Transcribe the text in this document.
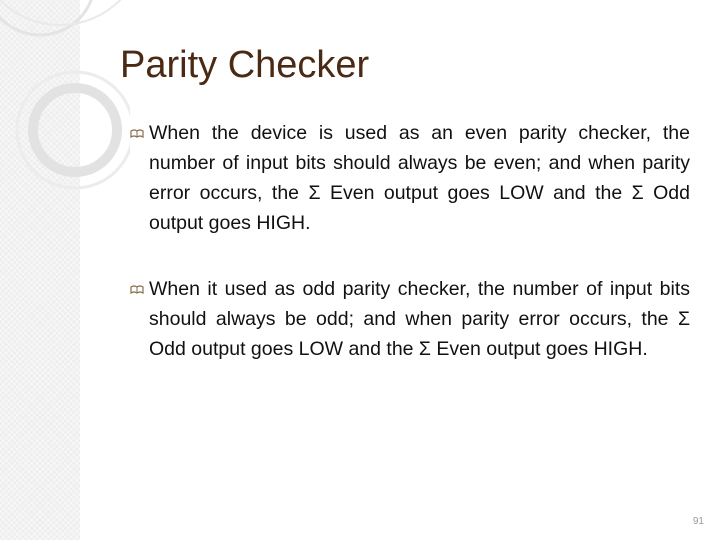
Parity Checker
When the device is used as an even parity checker, the number of input bits should always be even; and when parity error occurs, the Σ Even output goes LOW and the Σ Odd output goes HIGH.
When it used as odd parity checker, the number of input bits should always be odd; and when parity error occurs, the Σ Odd output goes LOW and the Σ Even output goes HIGH.
91
